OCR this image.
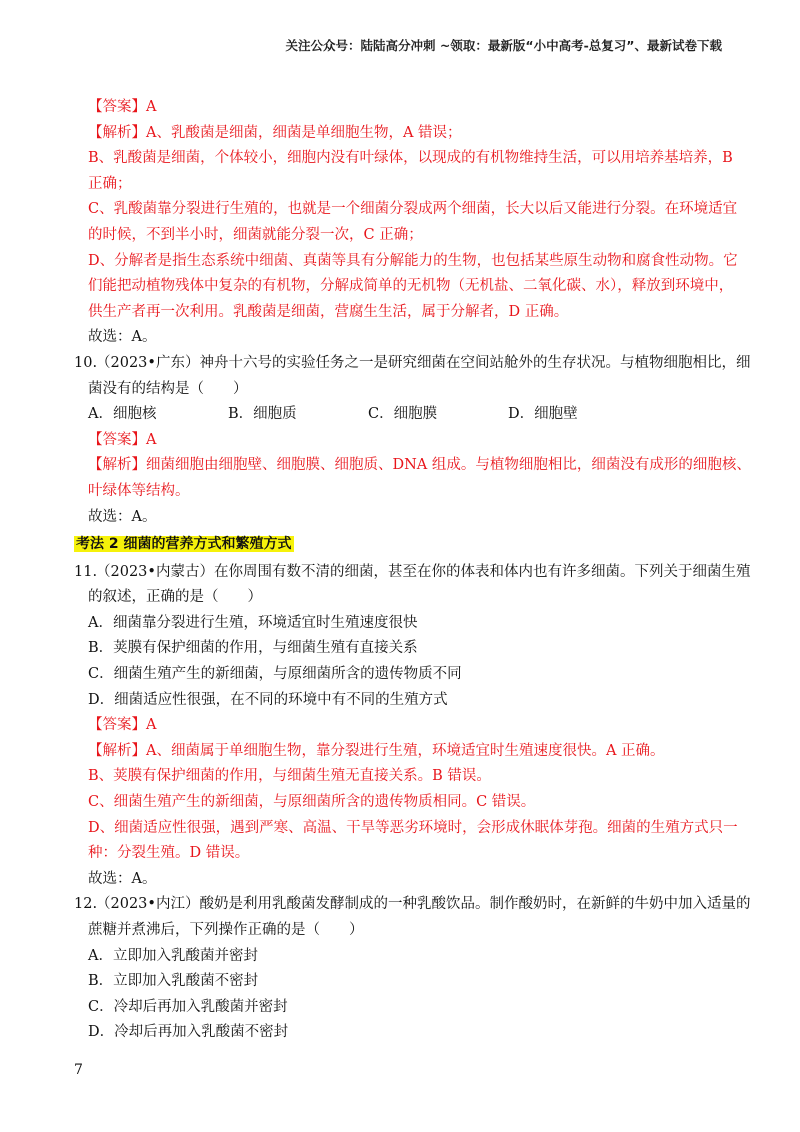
关注公众号：陆陆高分冲刺 ~领取：最新版“小中高考-总复习”、最新试卷下载
【答案】A
【解析】A、乳酸菌是细菌，细菌是单细胞生物，A 错误；
B、乳酸菌是细菌，个体较小，细胞内没有叶绿体，以现成的有机物维持生活，可以用培养基培养，B
正确；
C、乳酸菌靠分裂进行生殖的，也就是一个细菌分裂成两个细菌，长大以后又能进行分裂。在环境适宜
的时候，不到半小时，细菌就能分裂一次，C 正确；
D、分解者是指生态系统中细菌、真菌等具有分解能力的生物，也包括某些原生动物和腐食性动物。它
们能把动植物残体中复杂的有机物，分解成简单的无机物（无机盐、二氧化碳、水），释放到环境中，
供生产者再一次利用。乳酸菌是细菌，营腐生生活，属于分解者，D 正确。
故选：A。
10.（2023•广东）神舟十六号的实验任务之一是研究细菌在空间站舱外的生存状况。与植物细胞相比，细
菌没有的结构是（　　）
A．细胞核	B．细胞质	C．细胞膜	D．细胞壁
【答案】A
【解析】细菌细胞由细胞壁、细胞膜、细胞质、DNA 组成。与植物细胞相比，细菌没有成形的细胞核、
叶绿体等结构。
故选：A。
考法 2 细菌的营养方式和繁殖方式
11.（2023•内蒙古）在你周围有数不清的细菌，甚至在你的体表和体内也有许多细菌。下列关于细菌生殖
的叙述，正确的是（　　）
A．细菌靠分裂进行生殖，环境适宜时生殖速度很快
B．荚膜有保护细菌的作用，与细菌生殖有直接关系
C．细菌生殖产生的新细菌，与原细菌所含的遗传物质不同
D．细菌适应性很强，在不同的环境中有不同的生殖方式
【答案】A
【解析】A、细菌属于单细胞生物，靠分裂进行生殖，环境适宜时生殖速度很快。A 正确。
B、荚膜有保护细菌的作用，与细菌生殖无直接关系。B 错误。
C、细菌生殖产生的新细菌，与原细菌所含的遗传物质相同。C 错误。
D、细菌适应性很强，遇到严寒、高温、干旱等恶劣环境时，会形成休眠体芽孢。细菌的生殖方式只一
种：分裂生殖。D 错误。
故选：A。
12.（2023•内江）酸奶是利用乳酸菌发酵制成的一种乳酸饮品。制作酸奶时，在新鲜的牛奶中加入适量的
蔗糖并煮沸后，下列操作正确的是（　　）
A．立即加入乳酸菌并密封
B．立即加入乳酸菌不密封
C．冷却后再加入乳酸菌并密封
D．冷却后再加入乳酸菌不密封
7
